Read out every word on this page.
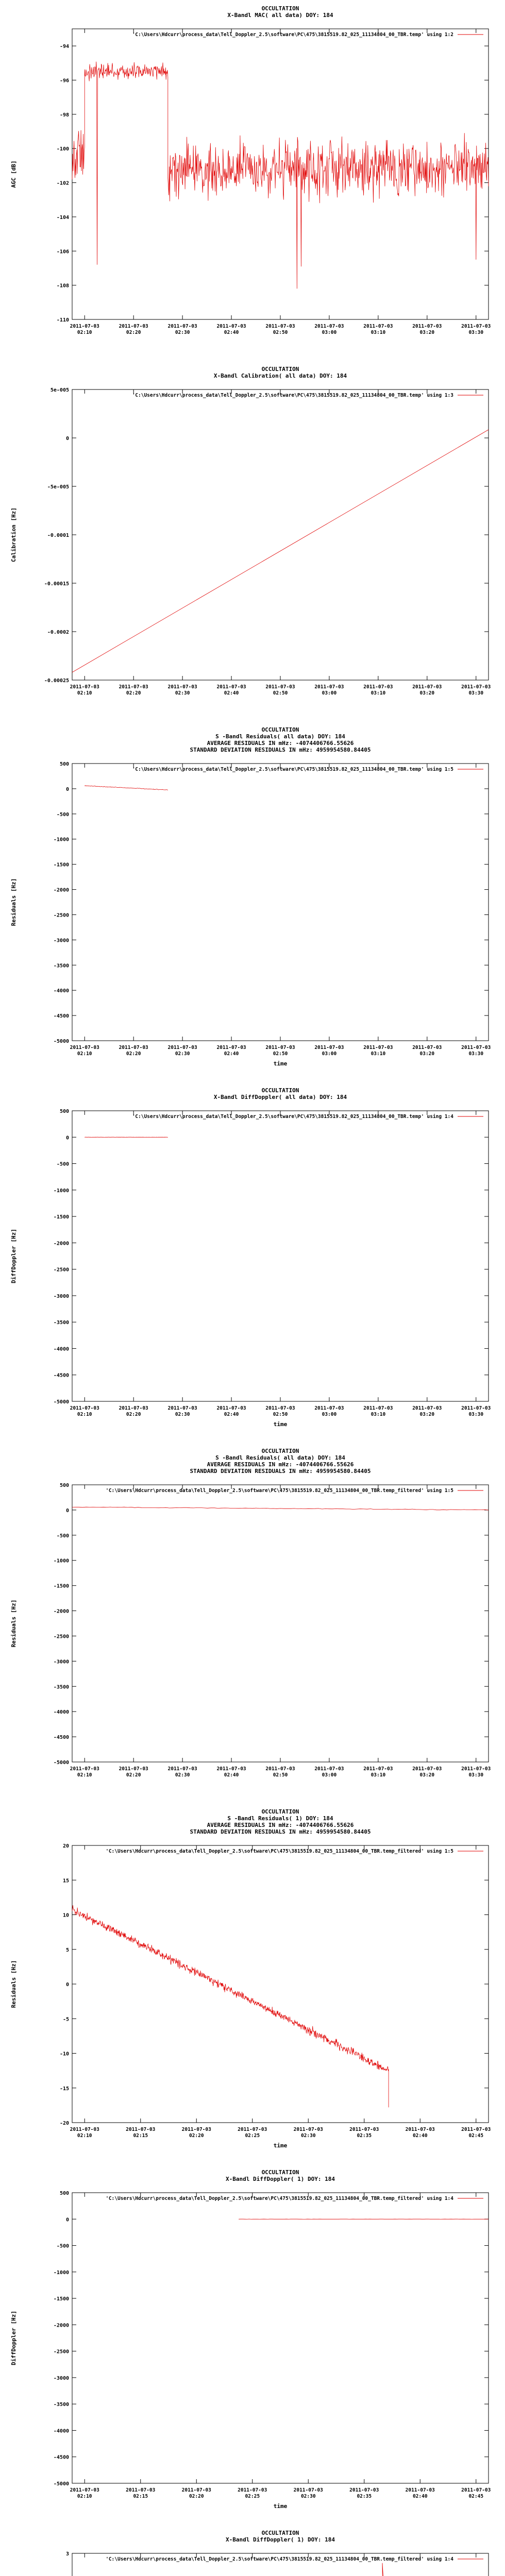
OCCULTATION
X-Bandl MAC( all data) DOY: 184
-110
-108
-106
-104
-102
-100
-98
-96
-94
2011-07-03
02:10
2011-07-03
02:20
2011-07-03
02:30
2011-07-03
02:40
2011-07-03
02:50
2011-07-03
03:00
2011-07-03
03:10
2011-07-03
03:20
2011-07-03
03:30
AGC [dB]
'C:\Users\Hdcurr\process_data\Tell_Doppler_2.5\software\PC\475\3815519.82_025_11134804_00_TBR.temp' using 1:2
OCCULTATION
X-Bandl Calibration( all data) DOY: 184
-0.00025
-0.0002
-0.00015
-0.0001
-5e-005
0
5e-005
2011-07-03
02:10
2011-07-03
02:20
2011-07-03
02:30
2011-07-03
02:40
2011-07-03
02:50
2011-07-03
03:00
2011-07-03
03:10
2011-07-03
03:20
2011-07-03
03:30
Calibration [Hz]
'C:\Users\Hdcurr\process_data\Tell_Doppler_2.5\software\PC\475\3815519.82_025_11134804_00_TBR.temp' using 1:3
OCCULTATION
S -Bandl Residuals( all data) DOY: 184
AVERAGE RESIDUALS IN mHz: -4074406766.55626
STANDARD DEVIATION RESIDUALS IN mHz: 4959954580.84405
-5000
-4500
-4000
-3500
-3000
-2500
-2000
-1500
-1000
-500
0
500
2011-07-03
02:10
2011-07-03
02:20
2011-07-03
02:30
2011-07-03
02:40
2011-07-03
02:50
2011-07-03
03:00
2011-07-03
03:10
2011-07-03
03:20
2011-07-03
03:30
Residuals [Hz]
time
'C:\Users\Hdcurr\process_data\Tell_Doppler_2.5\software\PC\475\3815519.82_025_11134804_00_TBR.temp' using 1:5
OCCULTATION
X-Bandl DiffDoppler( all data) DOY: 184
-5000
-4500
-4000
-3500
-3000
-2500
-2000
-1500
-1000
-500
0
500
2011-07-03
02:10
2011-07-03
02:20
2011-07-03
02:30
2011-07-03
02:40
2011-07-03
02:50
2011-07-03
03:00
2011-07-03
03:10
2011-07-03
03:20
2011-07-03
03:30
DiffDoppler [Hz]
time
'C:\Users\Hdcurr\process_data\Tell_Doppler_2.5\software\PC\475\3815519.82_025_11134804_00_TBR.temp' using 1:4
OCCULTATION
S -Bandl Residuals( all data) DOY: 184
AVERAGE RESIDUALS IN mHz: -4074406766.55626
STANDARD DEVIATION RESIDUALS IN mHz: 4959954580.84405
-5000
-4500
-4000
-3500
-3000
-2500
-2000
-1500
-1000
-500
0
500
2011-07-03
02:10
2011-07-03
02:20
2011-07-03
02:30
2011-07-03
02:40
2011-07-03
02:50
2011-07-03
03:00
2011-07-03
03:10
2011-07-03
03:20
2011-07-03
03:30
Residuals [Hz]
'C:\Users\Hdcurr\process_data\Tell_Doppler_2.5\software\PC\475\3815519.82_025_11134804_00_TBR.temp_filtered' using 1:5
OCCULTATION
S -Bandl Residuals( 1) DOY: 184
AVERAGE RESIDUALS IN mHz: -4074406766.55626
STANDARD DEVIATION RESIDUALS IN mHz: 4959954580.84405
-20
-15
-10
-5
0
5
10
15
20
2011-07-03
02:10
2011-07-03
02:15
2011-07-03
02:20
2011-07-03
02:25
2011-07-03
02:30
2011-07-03
02:35
2011-07-03
02:40
2011-07-03
02:45
Residuals [Hz]
time
'C:\Users\Hdcurr\process_data\Tell_Doppler_2.5\software\PC\475\3815519.82_025_11134804_00_TBR.temp_filtered' using 1:5
OCCULTATION
X-Bandl DiffDoppler( 1) DOY: 184
-5000
-4500
-4000
-3500
-3000
-2500
-2000
-1500
-1000
-500
0
500
2011-07-03
02:10
2011-07-03
02:15
2011-07-03
02:20
2011-07-03
02:25
2011-07-03
02:30
2011-07-03
02:35
2011-07-03
02:40
2011-07-03
02:45
DiffDoppler [Hz]
time
'C:\Users\Hdcurr\process_data\Tell_Doppler_2.5\software\PC\475\3815519.82_025_11134804_00_TBR.temp_filtered' using 1:4
OCCULTATION
X-Bandl DiffDoppler( 1) DOY: 184
3
'C:\Users\Hdcurr\process_data\Tell_Doppler_2.5\software\PC\475\3815519.82_025_11134804_00_TBR.temp_filtered' using 1:4
